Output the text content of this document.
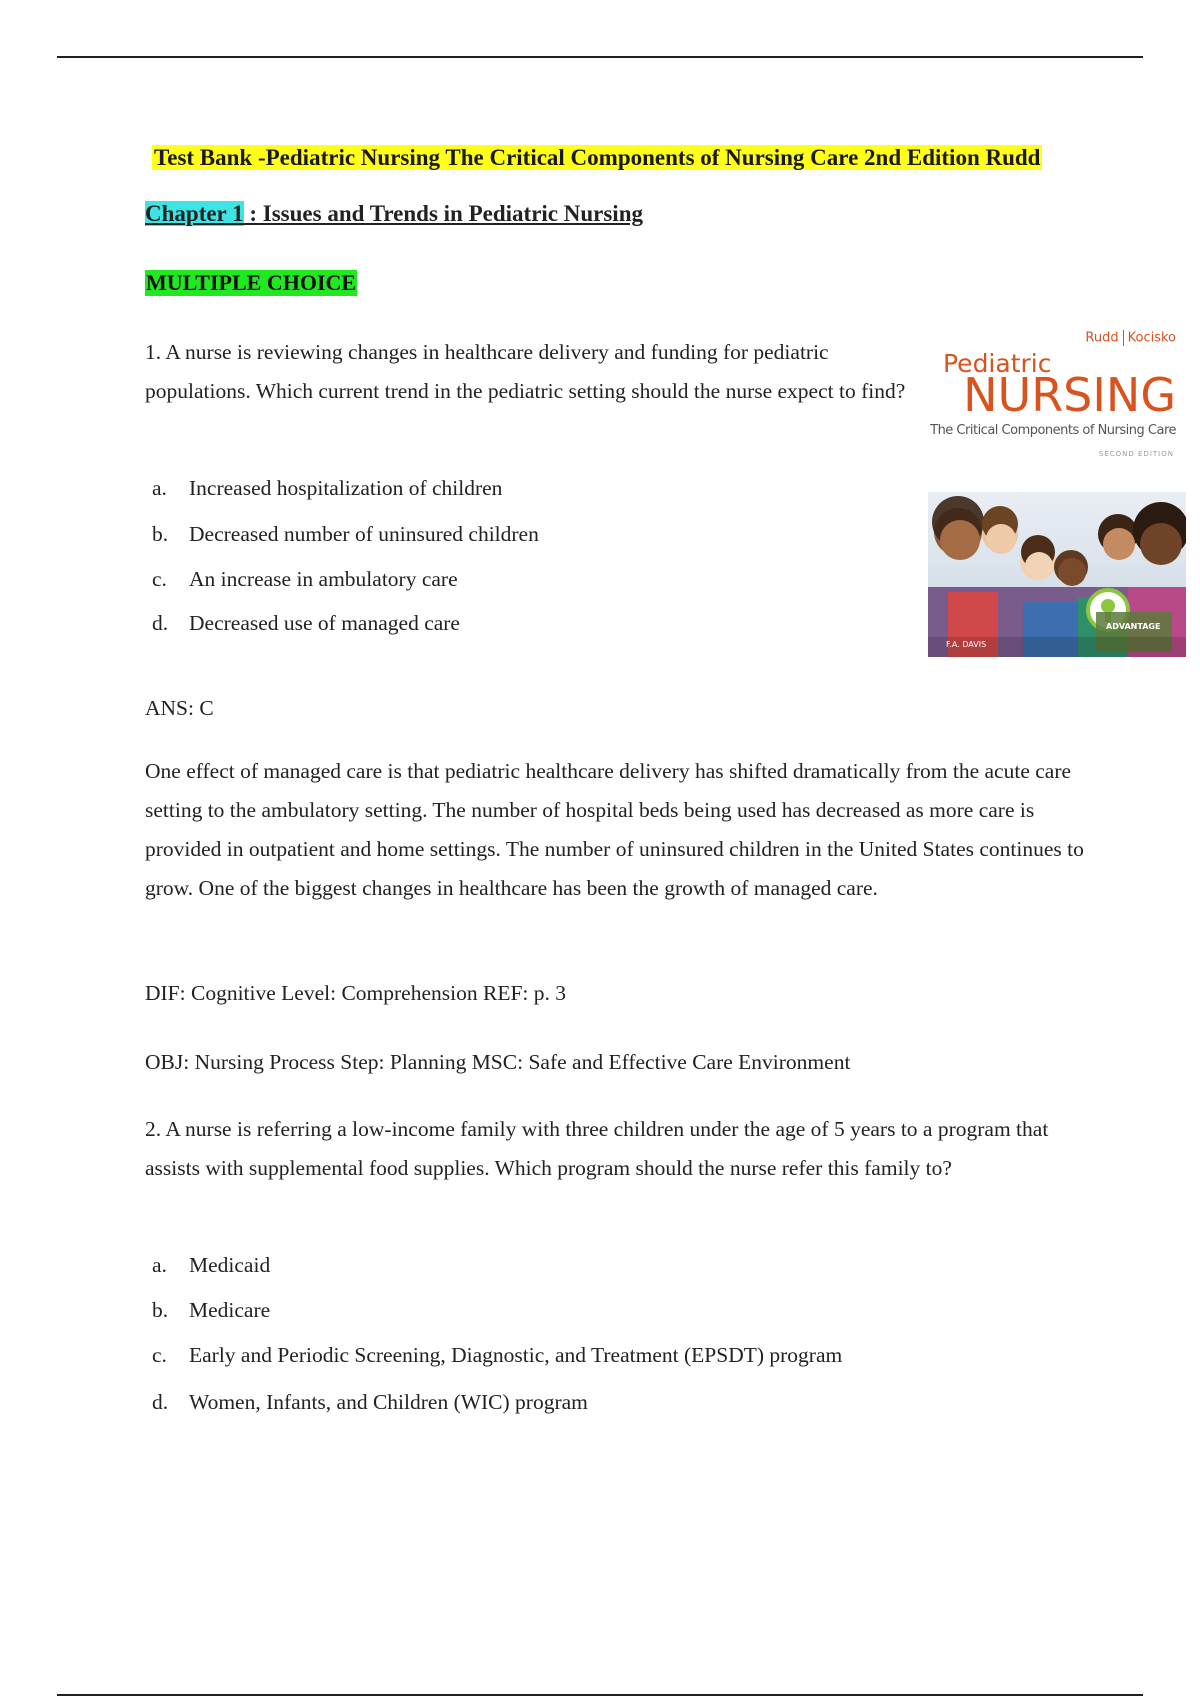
Test Bank -Pediatric Nursing The Critical Components of Nursing Care 2nd Edition Rudd
Chapter 1 : Issues and Trends in Pediatric Nursing
MULTIPLE CHOICE
1. A nurse is reviewing changes in healthcare delivery and funding for pediatric populations. Which current trend in the pediatric setting should the nurse expect to find?
a. Increased hospitalization of children
b. Decreased number of uninsured children
c. An increase in ambulatory care
d. Decreased use of managed care
Rudd Kocisko
Pediatric
NURSING
The Critical Components of Nursing Care
SECOND EDITION
F.A. DAVIS
ADVANTAGE
ANS: C
One effect of managed care is that pediatric healthcare delivery has shifted dramatically from the acute care setting to the ambulatory setting. The number of hospital beds being used has decreased as more care is provided in outpatient and home settings. The number of uninsured children in the United States continues to grow. One of the biggest changes in healthcare has been the growth of managed care.
DIF: Cognitive Level: Comprehension REF: p. 3
OBJ: Nursing Process Step: Planning MSC: Safe and Effective Care Environment
2. A nurse is referring a low-income family with three children under the age of 5 years to a program that assists with supplemental food supplies. Which program should the nurse refer this family to?
a. Medicaid
b. Medicare
c. Early and Periodic Screening, Diagnostic, and Treatment (EPSDT) program
d. Women, Infants, and Children (WIC) program
